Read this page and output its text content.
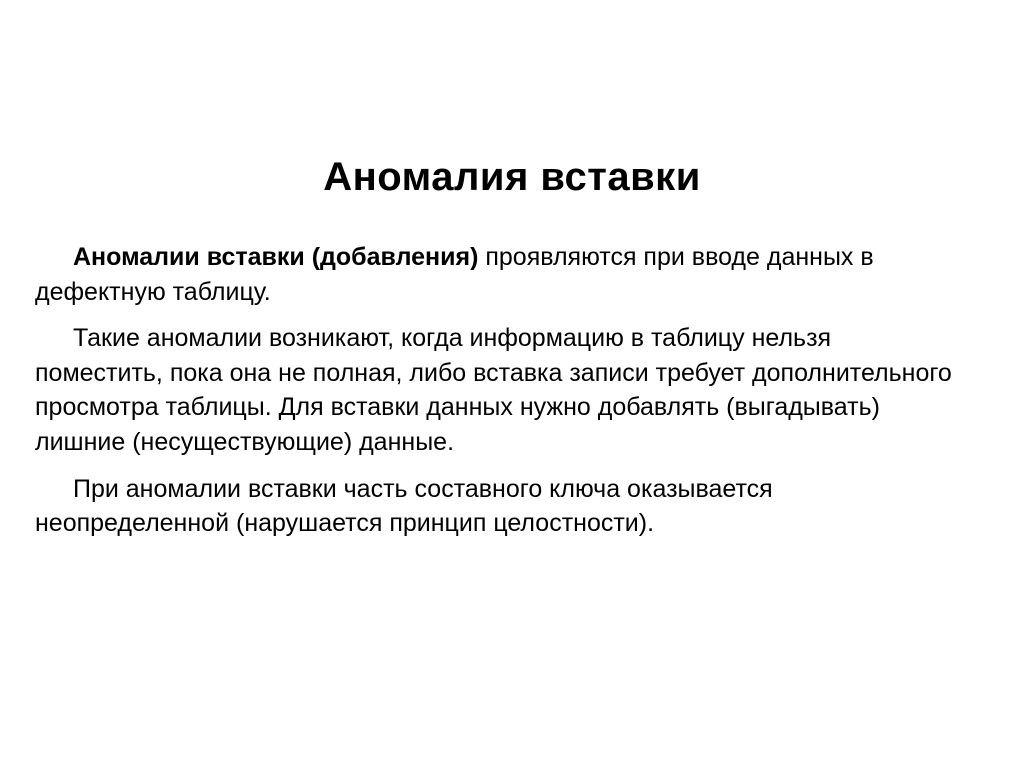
Аномалия вставки

Аномалии вставки (добавления) проявляются при вводе данных в дефектную таблицу.

Такие аномалии возникают, когда информацию в таблицу нельзя поместить, пока она не полная, либо вставка записи требует дополнительного просмотра таблицы. Для вставки данных нужно добавлять (выгадывать) лишние (несуществующие) данные.

При аномалии вставки часть составного ключа оказывается неопределенной (нарушается принцип целостности).
